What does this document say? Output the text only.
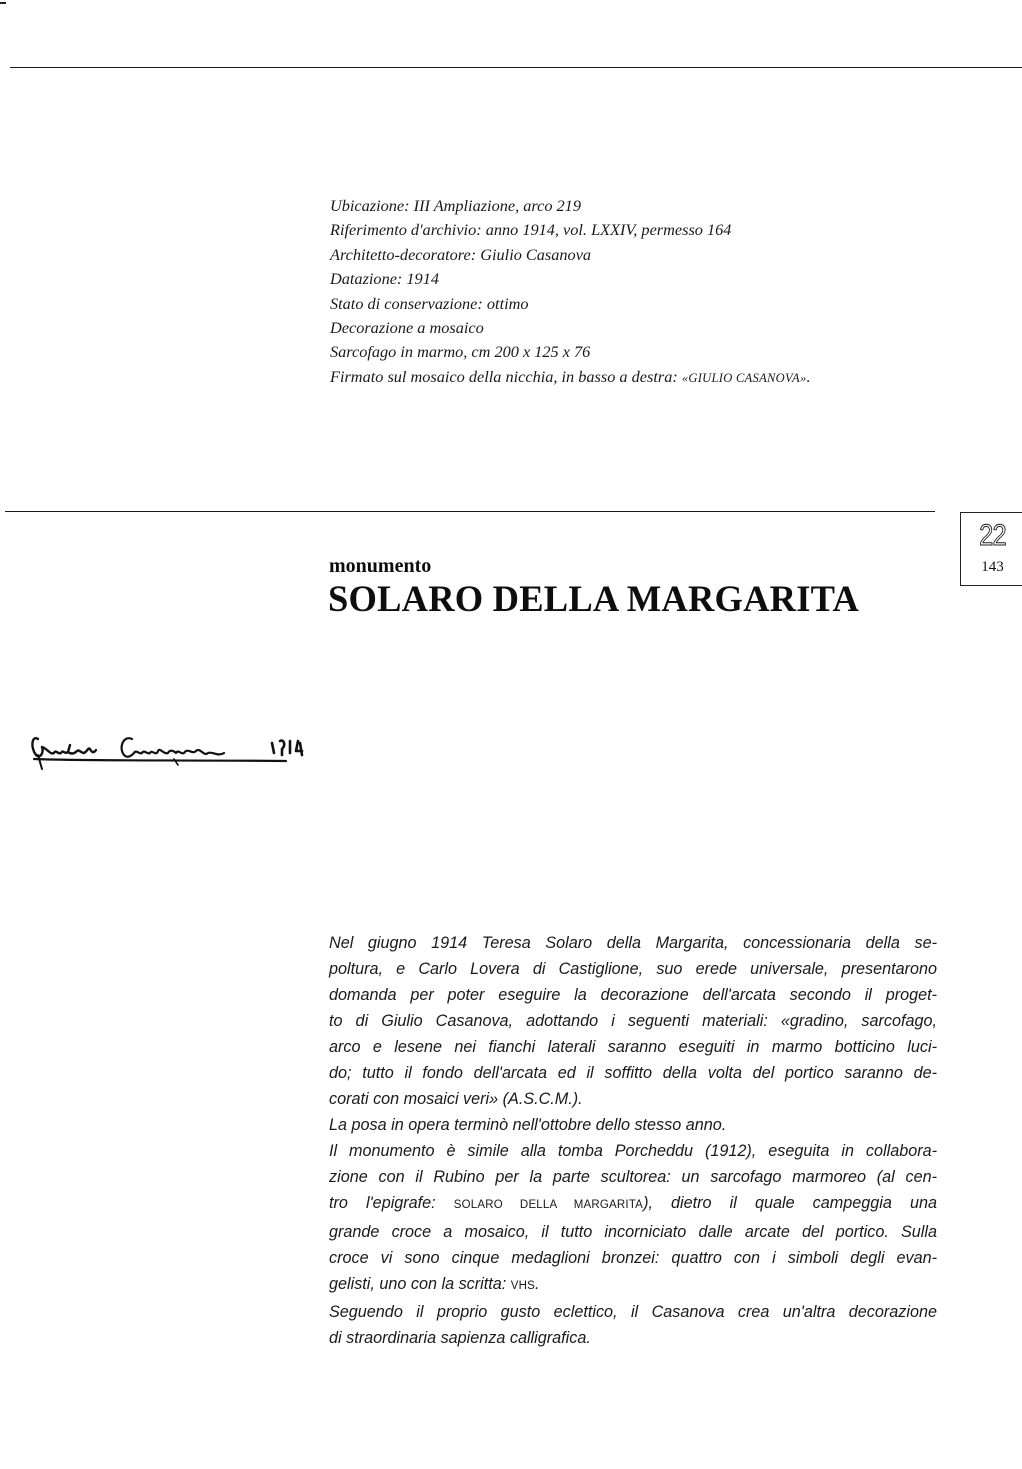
Ubicazione: III Ampliazione, arco 219
Riferimento d'archivio: anno 1914, vol. LXXIV, permesso 164
Architetto-decoratore: Giulio Casanova
Datazione: 1914
Stato di conservazione: ottimo
Decorazione a mosaico
Sarcofago in marmo, cm 200 x 125 x 76
Firmato sul mosaico della nicchia, in basso a destra: «GIULIO CASANOVA».
22
143
monumento
SOLARO DELLA MARGARITA
Nel giugno 1914 Teresa Solaro della Margarita, concessionaria della se-
poltura, e Carlo Lovera di Castiglione, suo erede universale, presentarono
domanda per poter eseguire la decorazione dell'arcata secondo il proget-
to di Giulio Casanova, adottando i seguenti materiali: «gradino, sarcofago,
arco e lesene nei fianchi laterali saranno eseguiti in marmo botticino luci-
do; tutto il fondo dell'arcata ed il soffitto della volta del portico saranno de-
corati con mosaici veri» (A.S.C.M.).
La posa in opera terminò nell'ottobre dello stesso anno.
Il monumento è simile alla tomba Porcheddu (1912), eseguita in collabora-
zione con il Rubino per la parte scultorea: un sarcofago marmoreo (al cen-
tro l'epigrafe: SOLARO DELLA MARGARITA), dietro il quale campeggia una
grande croce a mosaico, il tutto incorniciato dalle arcate del portico. Sulla
croce vi sono cinque medaglioni bronzei: quattro con i simboli degli evan-
gelisti, uno con la scritta: VHS.
Seguendo il proprio gusto eclettico, il Casanova crea un'altra decorazione
di straordinaria sapienza calligrafica.
